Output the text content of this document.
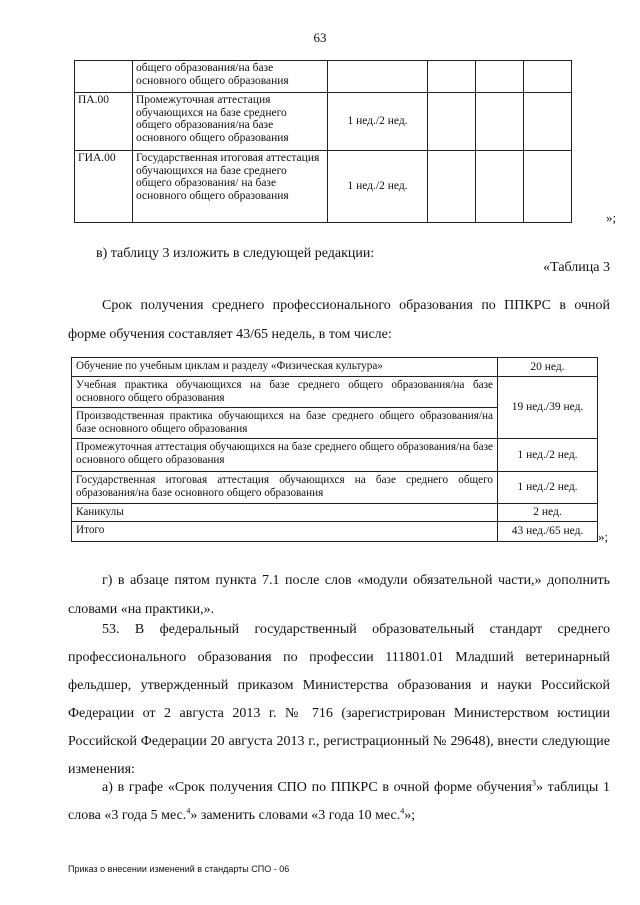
63
	общего образования/на базе основного общего образования				
ПА.00	Промежуточная аттестация обучающихся на базе среднего общего образования/на базе основного общего образования	1 нед./2 нед.			
ГИА.00	Государственная итоговая аттестация обучающихся на базе среднего общего образования/ на базе основного общего образования	1 нед./2 нед.			
»;
в) таблицу 3 изложить в следующей редакции:
«Таблица 3
Срок получения среднего профессионального образования по ППКРС в очной форме обучения составляет 43/65 недель, в том числе:
Обучение по учебным циклам и разделу «Физическая культура»	20 нед.
Учебная практика обучающихся на базе среднего общего образования/на базе основного общего образования	19 нед./39 нед.
Производственная практика обучающихся на базе среднего общего образования/на базе основного общего образования	
Промежуточная аттестация обучающихся на базе среднего общего образования/на базе основного общего образования	1 нед./2 нед.
Государственная итоговая аттестация обучающихся на базе среднего общего образования/на базе основного общего образования	1 нед./2 нед.
Каникулы	2 нед.
Итого	43 нед./65 нед. »;
г) в абзаце пятом пункта 7.1 после слов «модули обязательной части,» дополнить словами «на практики,».
53. В федеральный государственный образовательный стандарт среднего профессионального образования по профессии 111801.01 Младший ветеринарный фельдшер, утвержденный приказом Министерства образования и науки Российской Федерации от 2 августа 2013 г. № 716 (зарегистрирован Министерством юстиции Российской Федерации 20 августа 2013 г., регистрационный № 29648), внести следующие изменения:
а) в графе «Срок получения СПО по ППКРС в очной форме обучения$^3$» таблицы 1 слова «3 года 5 мес.$^4$» заменить словами «3 года 10 мес.$^4$»;
Приказ о внесении изменений в стандарты СПО - 06
